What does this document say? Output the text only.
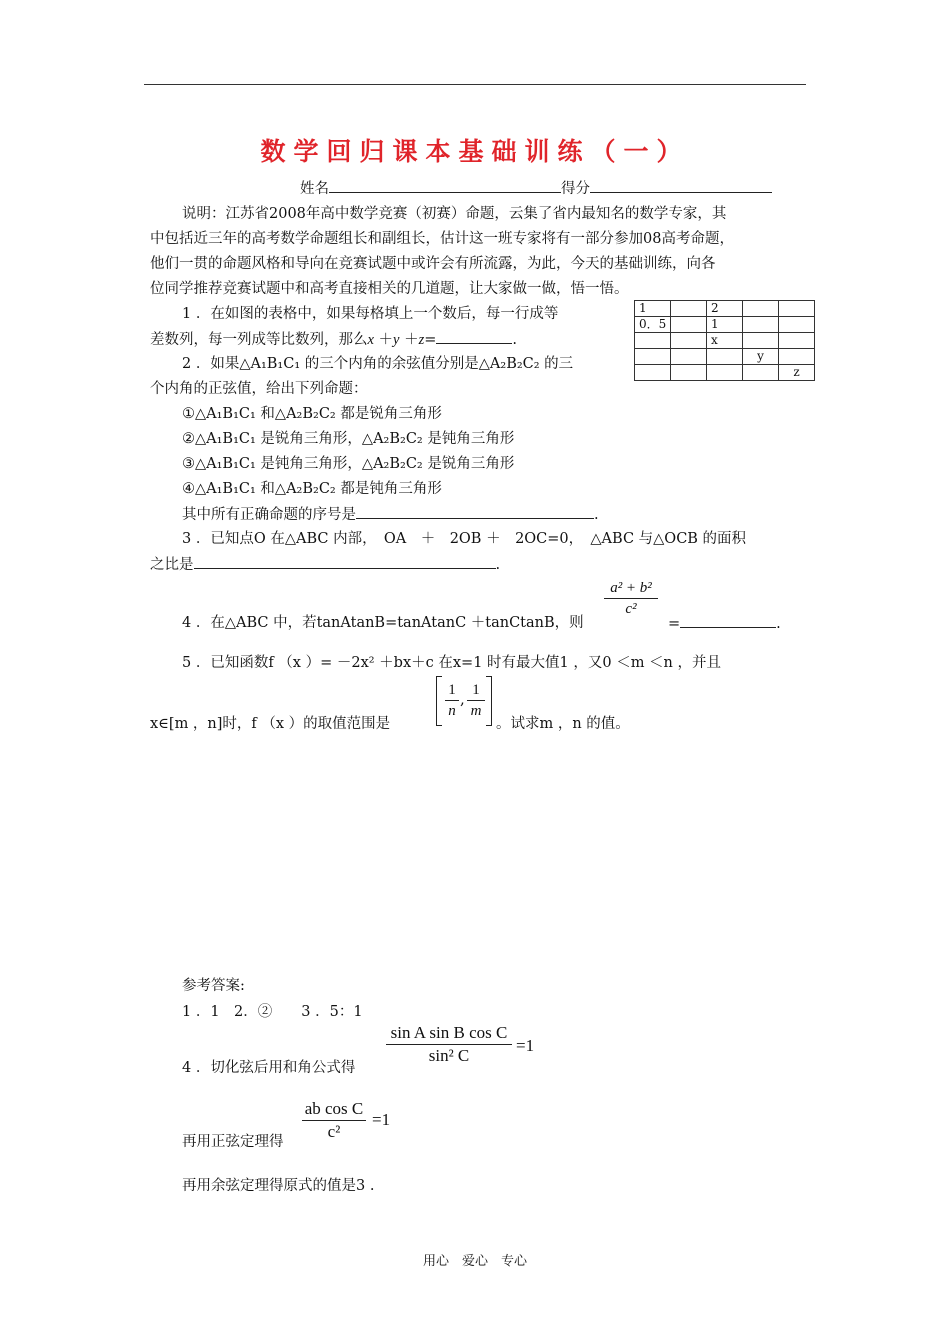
数学回归课本基础训练（一）
姓名	得分
说明：江苏省2008年高中数学竞赛（初赛）命题，云集了省内最知名的数学专家，其
中包括近三年的高考数学命题组长和副组长，估计这一班专家将有一部分参加08高考命题，
他们一贯的命题风格和导向在竞赛试题中或许会有所流露，为此，今天的基础训练，向各
位同学推荐竞赛试题中和高考直接相关的几道题，让大家做一做，悟一悟。
1 ．在如图的表格中，如果每格填上一个数后，每一行成等
差数列，每一列成等比数列，那么x ＋y ＋z=	.
1		2		
0．5		1		
		x		
			y	
				z
2 ．如果△A₁B₁C₁ 的三个内角的余弦值分别是△A₂B₂C₂ 的三
个内角的正弦值，给出下列命题：
①△A₁B₁C₁ 和△A₂B₂C₂ 都是锐角三角形
②△A₁B₁C₁ 是锐角三角形，△A₂B₂C₂ 是钝角三角形
③△A₁B₁C₁ 是钝角三角形，△A₂B₂C₂ 是锐角三角形
④△A₁B₁C₁ 和△A₂B₂C₂ 都是钝角三角形
其中所有正确命题的序号是	.
3 ．已知点O 在△ABC 内部，　OA　＋　2OB ＋　2OC=0，　△ABC 与△OCB 的面积
之比是	.
4 ．在△ABC 中，若tanAtanB=tanAtanC ＋tanCtanB，则
$\frac{\text{a² + b²}}{\text{c²}}$
=	.
5 ．已知函数f （x ）= －2x² ＋bx＋c 在x=1 时有最大值1 ，又0 ＜m ＜n ，并且
x∈[m ，n]时，f （x ）的取值范围是
$\frac{1}{n}$ , $\frac{1}{m}$
。试求m ，n 的值。
参考答案:
1 ．1　2．②　　3 ．5：1
4 ．切化弦后用和角公式得
$\frac{\text{sin A sin B cos C}}{\text{sin² C}} =1$
再用正弦定理得 $\frac{\text{ab cos C}}{\text{c²}} =1$
再用余弦定理得原式的值是3 .
用心　爱心　专心
